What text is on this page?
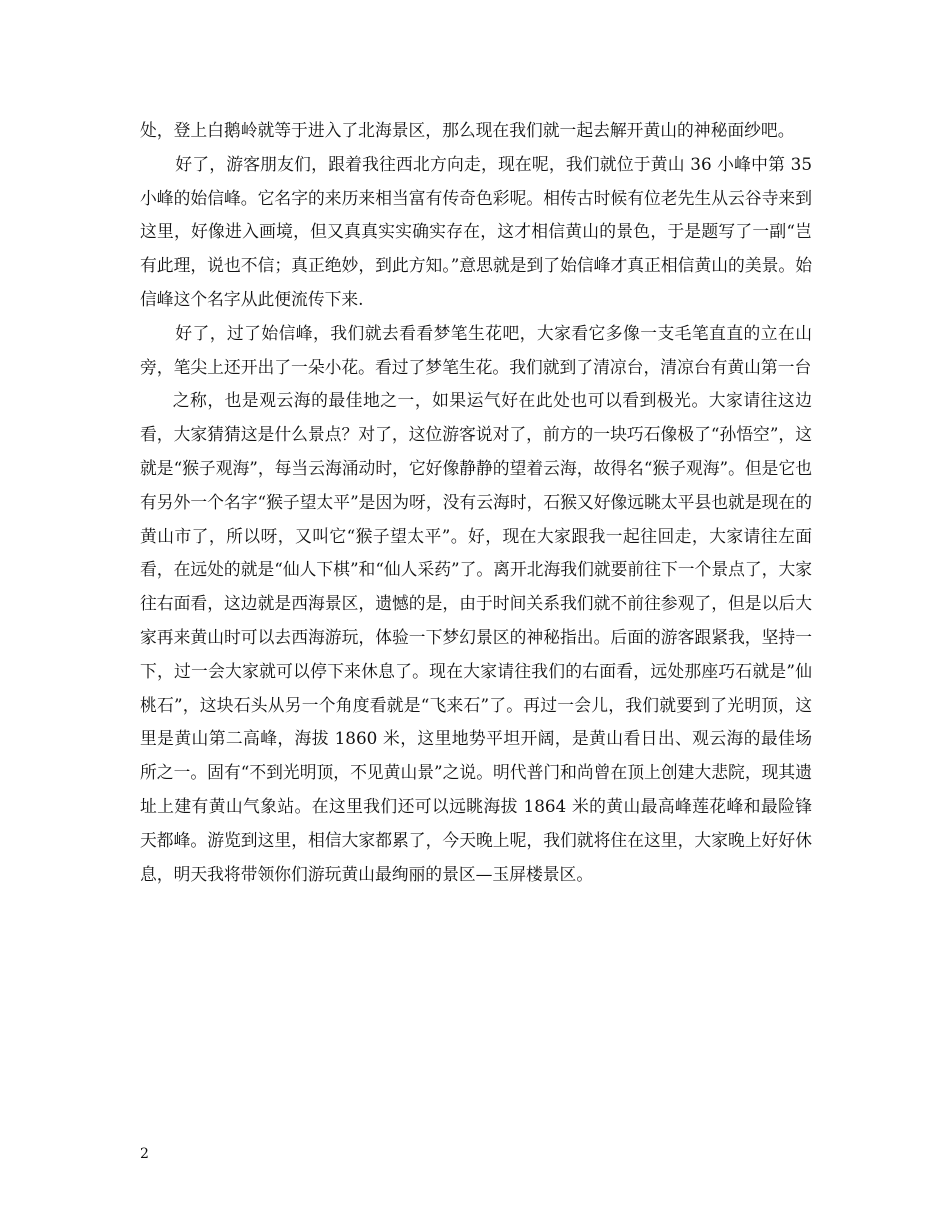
处，登上白鹅岭就等于进入了北海景区，那么现在我们就一起去解开黄山的神秘面纱吧。

好了，游客朋友们，跟着我往西北方向走，现在呢，我们就位于黄山 36 小峰中第 35 小峰的始信峰。它名字的来历来相当富有传奇色彩呢。相传古时候有位老先生从云谷寺来到这里，好像进入画境，但又真真实实确实存在，这才相信黄山的景色，于是题写了一副“岂有此理，说也不信；真正绝妙，到此方知。”意思就是到了始信峰才真正相信黄山的美景。始信峰这个名字从此便流传下来.

好了，过了始信峰，我们就去看看梦笔生花吧，大家看它多像一支毛笔直直的立在山旁，笔尖上还开出了一朵小花。看过了梦笔生花。我们就到了清凉台，清凉台有黄山第一台

之称，也是观云海的最佳地之一，如果运气好在此处也可以看到极光。大家请往这边看，大家猜猜这是什么景点？对了，这位游客说对了，前方的一块巧石像极了“孙悟空”，这就是“猴子观海”，每当云海涌动时，它好像静静的望着云海，故得名“猴子观海”。但是它也有另外一个名字“猴子望太平”是因为呀，没有云海时，石猴又好像远眺太平县也就是现在的黄山市了，所以呀，又叫它“猴子望太平”。好，现在大家跟我一起往回走，大家请往左面看，在远处的就是“仙人下棋”和“仙人采药”了。离开北海我们就要前往下一个景点了，大家往右面看，这边就是西海景区，遗憾的是，由于时间关系我们就不前往参观了，但是以后大家再来黄山时可以去西海游玩，体验一下梦幻景区的神秘指出。后面的游客跟紧我，坚持一下，过一会大家就可以停下来休息了。现在大家请往我们的右面看，远处那座巧石就是”仙桃石”，这块石头从另一个角度看就是“飞来石”了。再过一会儿，我们就要到了光明顶，这里是黄山第二高峰，海拔 1860 米，这里地势平坦开阔，是黄山看日出、观云海的最佳场所之一。固有“不到光明顶，不见黄山景”之说。明代普门和尚曾在顶上创建大悲院，现其遗址上建有黄山气象站。在这里我们还可以远眺海拔 1864 米的黄山最高峰莲花峰和最险锋天都峰。游览到这里，相信大家都累了，今天晚上呢，我们就将住在这里，大家晚上好好休息，明天我将带领你们游玩黄山最绚丽的景区—玉屏楼景区。

2
